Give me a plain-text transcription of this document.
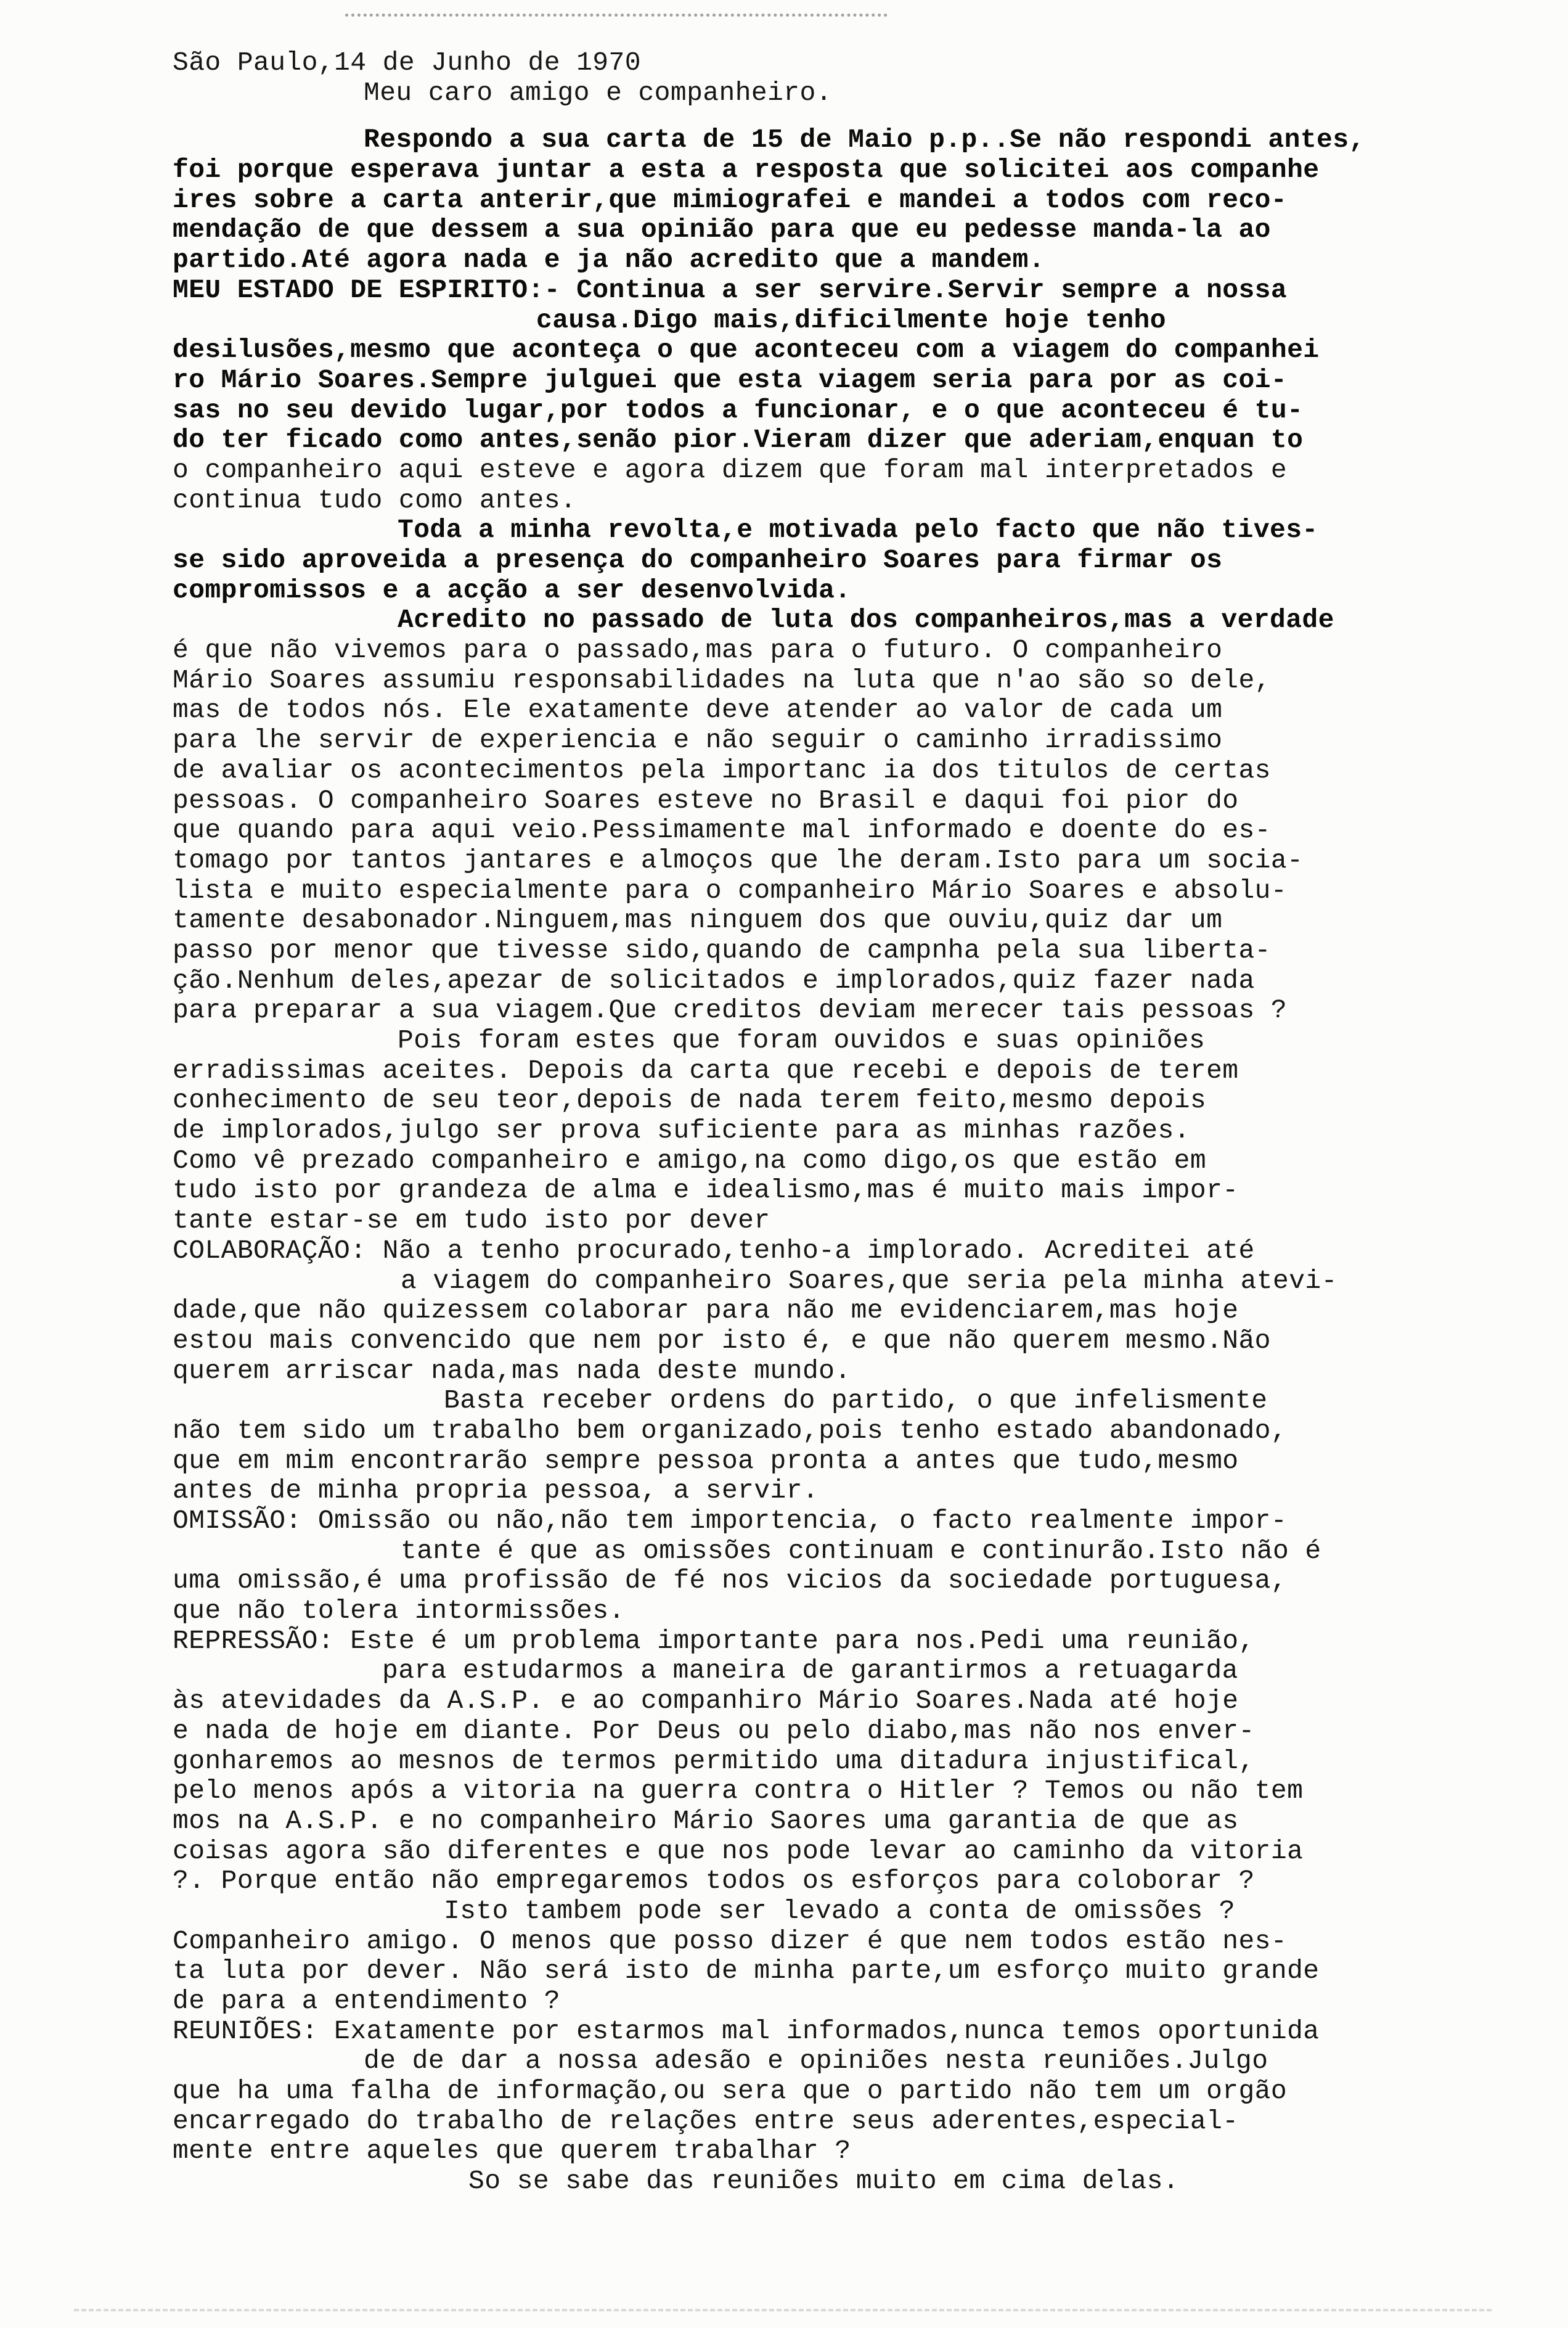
São Paulo,14 de Junho de 1970
Meu caro amigo e companheiro.
Respondo a sua carta de 15 de Maio p.p..Se não respondi antes,
foi porque esperava juntar a esta a resposta que solicitei aos companhe
ires sobre a carta anterir,que mimiografei e mandei a todos com reco-
mendação de que dessem a sua opinião para que eu pedesse manda-la ao
partido.Até agora nada e ja não acredito que a mandem.
MEU ESTADO DE ESPIRITO:- Continua a ser servire.Servir sempre a nossa
causa.Digo mais,dificilmente hoje tenho
desilusões,mesmo que aconteça o que aconteceu com a viagem do companhei
ro Mário Soares.Sempre julguei que esta viagem seria para por as coi-
sas no seu devido lugar,por todos a funcionar, e o que aconteceu é tu-
do ter ficado como antes,senão pior.Vieram dizer que aderiam,enquan to
o companheiro aqui esteve e agora dizem que foram mal interpretados e
continua tudo como antes.
Toda a minha revolta,e motivada pelo facto que não tives-
se sido aproveida a presença do companheiro Soares para firmar os
compromissos e a acção a ser desenvolvida.
Acredito no passado de luta dos companheiros,mas a verdade
é que não vivemos para o passado,mas para o futuro. O companheiro
Mário Soares assumiu responsabilidades na luta que n'ao são so dele,
mas de todos nós. Ele exatamente deve atender ao valor de cada um
para lhe servir de experiencia e não seguir o caminho irradissimo
de avaliar os acontecimentos pela importanc ia dos titulos de certas
pessoas. O companheiro Soares esteve no Brasil e daqui foi pior do
que quando para aqui veio.Pessimamente mal informado e doente do es-
tomago por tantos jantares e almoços que lhe deram.Isto para um socia-
lista e muito especialmente para o companheiro Mário Soares e absolu-
tamente desabonador.Ninguem,mas ninguem dos que ouviu,quiz dar um
passo por menor que tivesse sido,quando de campnha pela sua liberta-
ção.Nenhum deles,apezar de solicitados e implorados,quiz fazer nada
para preparar a sua viagem.Que creditos deviam merecer tais pessoas ?
Pois foram estes que foram ouvidos e suas opiniões
erradissimas aceites. Depois da carta que recebi e depois de terem
conhecimento de seu teor,depois de nada terem feito,mesmo depois
de implorados,julgo ser prova suficiente para as minhas razões.
Como vê prezado companheiro e amigo,na como digo,os que estão em
tudo isto por grandeza de alma e idealismo,mas é muito mais impor-
tante estar-se em tudo isto por dever
COLABORAÇÃO: Não a tenho procurado,tenho-a implorado. Acreditei até
a viagem do companheiro Soares,que seria pela minha atevi-
dade,que não quizessem colaborar para não me evidenciarem,mas hoje
estou mais convencido que nem por isto é, e que não querem mesmo.Não
querem arriscar nada,mas nada deste mundo.
Basta receber ordens do partido, o que infelismente
não tem sido um trabalho bem organizado,pois tenho estado abandonado,
que em mim encontrarão sempre pessoa pronta a antes que tudo,mesmo
antes de minha propria pessoa, a servir.
OMISSÃO: Omissão ou não,não tem importencia, o facto realmente impor-
tante é que as omissões continuam e continurão.Isto não é
uma omissão,é uma profissão de fé nos vicios da sociedade portuguesa,
que não tolera intormissões.
REPRESSÃO: Este é um problema importante para nos.Pedi uma reunião,
para estudarmos a maneira de garantirmos a retuagarda
às atevidades da A.S.P. e ao companhiro Mário Soares.Nada até hoje
e nada de hoje em diante. Por Deus ou pelo diabo,mas não nos enver-
gonharemos ao mesnos de termos permitido uma ditadura injustifical,
pelo menos após a vitoria na guerra contra o Hitler ? Temos ou não tem
mos na A.S.P. e no companheiro Mário Saores uma garantia de que as
coisas agora são diferentes e que nos pode levar ao caminho da vitoria
?. Porque então não empregaremos todos os esforços para coloborar ?
Isto tambem pode ser levado a conta de omissões ?
Companheiro amigo. O menos que posso dizer é que nem todos estão nes-
ta luta por dever. Não será isto de minha parte,um esforço muito grande
de para a entendimento ?
REUNIÕES: Exatamente por estarmos mal informados,nunca temos oportunida
de de dar a nossa adesão e opiniões nesta reuniões.Julgo
que ha uma falha de informação,ou sera que o partido não tem um orgão
encarregado do trabalho de relações entre seus aderentes,especial-
mente entre aqueles que querem trabalhar ?
So se sabe das reuniões muito em cima delas.
